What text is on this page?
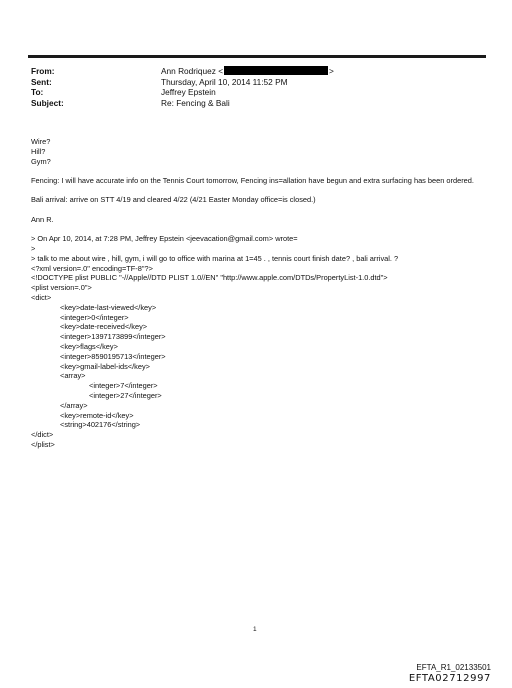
From:	Ann Rodriquez <	>
Sent:	Thursday, April 10, 2014 11:52 PM
To:	Jeffrey Epstein
Subject:	Re: Fencing & Bali

Wire?

Hill?

Gym?

Fencing: I will have accurate info on the Tennis Court tomorrow, Fencing ins=allation have begun and extra surfacing has been ordered.

Bali arrival: arrive on STT 4/19 and cleared 4/22 (4/21 Easter Monday office=is closed.)

Ann R.

> On Apr 10, 2014, at 7:28 PM, Jeffrey Epstein <jeevacation@gmail.com> wrote=

>

> talk to me about wire , hill, gym, i will go to office with marina at 1=45 . , tennis court finish date? , bali arrival. ?

<?xml version=.0" encoding=TF-8"?>

<!DOCTYPE plist PUBLIC "-//Apple//DTD PLIST 1.0//EN" "http://www.apple.com/DTDs/PropertyList-1.0.dtd">

<plist version=.0">

<dict>

<key>date-last-viewed</key>

<integer>0</integer>

<key>date-received</key>

<integer>1397173899</integer>

<key>flags</key>

<integer>8590195713</integer>

<key>gmail-label-ids</key>

<array>

<integer>7</integer>

<integer>27</integer>

</array>

<key>remote-id</key>

<string>402176</string>

</dict>

</plist>

1
EFTA_R1_02133501
EFTA02712997
